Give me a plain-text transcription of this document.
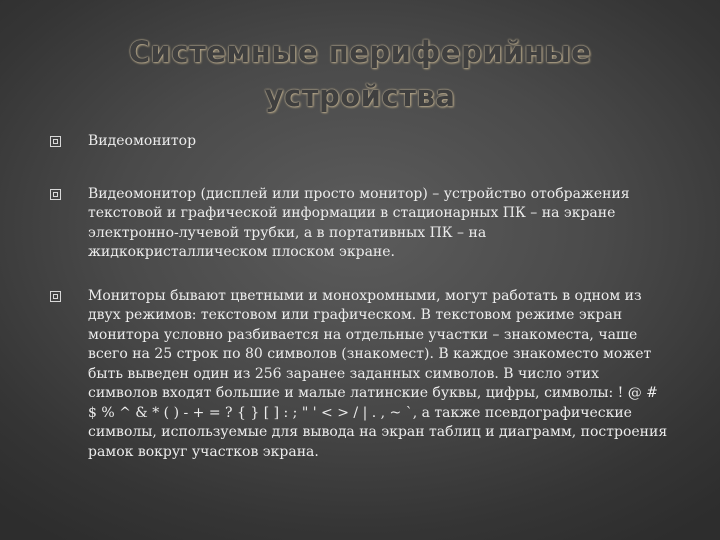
Системные периферийные
устройства
Видеомонитор
Видеомонитор (дисплей или просто монитор) – устройство отображения текстовой и графической информации в стационарных ПК – на экране электронно-лучевой трубки, а в портативных ПК – на жидкокристаллическом плоском экране.
Мониторы бывают цветными и монохромными, могут работать в одном из двух режимов: текстовом или графическом. В текстовом режиме экран монитора условно разбивается на отдельные участки – знакоместа, чаше всего на 25 строк по 80 символов (знакомест). В каждое знакоместо может быть выведен один из 256 заранее заданных символов. В число этих символов входят большие и малые латинские буквы, цифры, символы: ! @ # $ % ^ & * ( ) - + = ? { } [ ] : ; " ' < > / | . , ~ `, а также псевдографические символы, используемые для вывода на экран таблиц и диаграмм, построения рамок вокруг участков экрана.
